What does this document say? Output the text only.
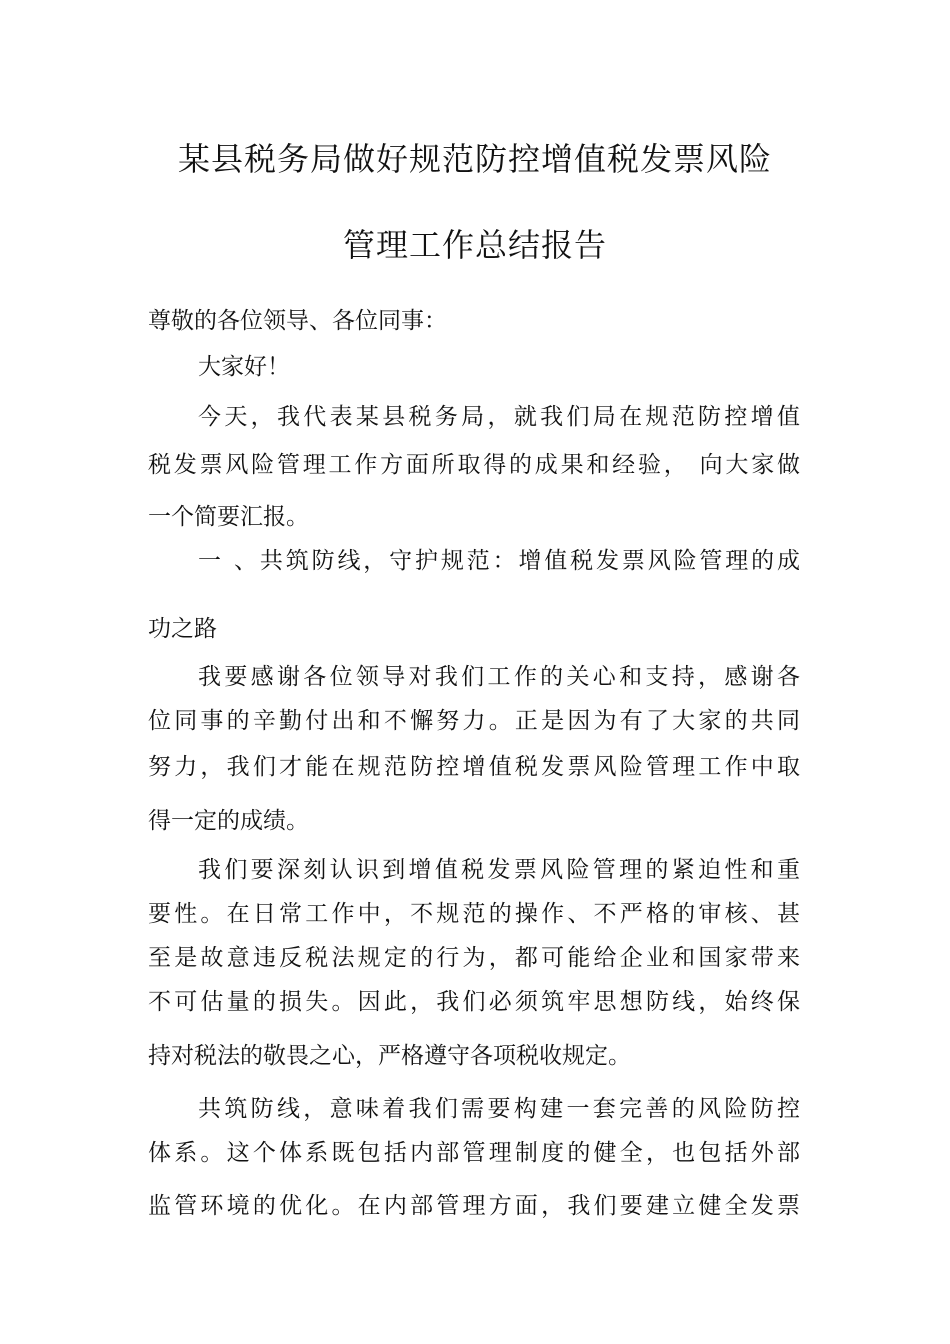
某县税务局做好规范防控增值税发票风险
管理工作总结报告
尊敬的各位领导、各位同事：
大家好！
今天，我代表某县税务局，就我们局在规范防控增值
税发票风险管理工作方面所取得的成果和经验， 向大家做
一个简要汇报。
一 、共筑防线，守护规范：增值税发票风险管理的成
功之路
我要感谢各位领导对我们工作的关心和支持，感谢各
位同事的辛勤付出和不懈努力。正是因为有了大家的共同
努力，我们才能在规范防控增值税发票风险管理工作中取
得一定的成绩。
我们要深刻认识到增值税发票风险管理的紧迫性和重
要性。在日常工作中，不规范的操作、不严格的审核、甚
至是故意违反税法规定的行为，都可能给企业和国家带来
不可估量的损失。因此，我们必须筑牢思想防线，始终保
持对税法的敬畏之心，严格遵守各项税收规定。
共筑防线，意味着我们需要构建一套完善的风险防控
体系。这个体系既包括内部管理制度的健全，也包括外部
监管环境的优化。在内部管理方面，我们要建立健全发票
